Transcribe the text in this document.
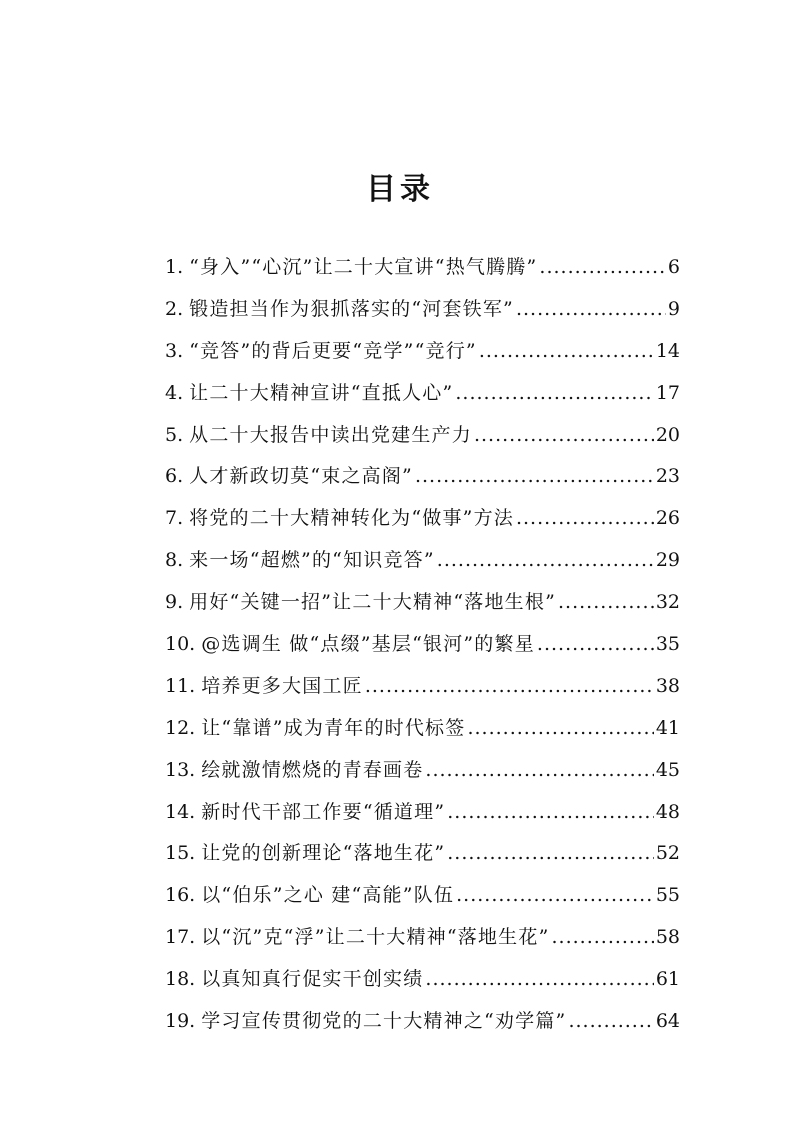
目录
1. “身入”“心沉”让二十大宣讲“热气腾腾” .....	6
2. 锻造担当作为狠抓落实的“河套铁军” .....	9
3. “竞答”的背后更要“竞学”“竞行” .....	14
4. 让二十大精神宣讲“直抵人心” .....	17
5. 从二十大报告中读出党建生产力 .....	20
6. 人才新政切莫“束之高阁” .....	23
7. 将党的二十大精神转化为“做事”方法 .....	26
8. 来一场“超燃”的“知识竞答” .....	29
9. 用好“关键一招”让二十大精神“落地生根” .....	32
10. @选调生 做“点缀”基层“银河”的繁星 .....	35
11. 培养更多大国工匠 .....	38
12. 让“靠谱”成为青年的时代标签 .....	41
13. 绘就激情燃烧的青春画卷 .....	45
14. 新时代干部工作要“循道理” .....	48
15. 让党的创新理论“落地生花” .....	52
16. 以“伯乐”之心 建“高能”队伍 .....	55
17. 以“沉”克“浮”让二十大精神“落地生花” .....	58
18. 以真知真行促实干创实绩 .....	61
19. 学习宣传贯彻党的二十大精神之“劝学篇” .....	64
